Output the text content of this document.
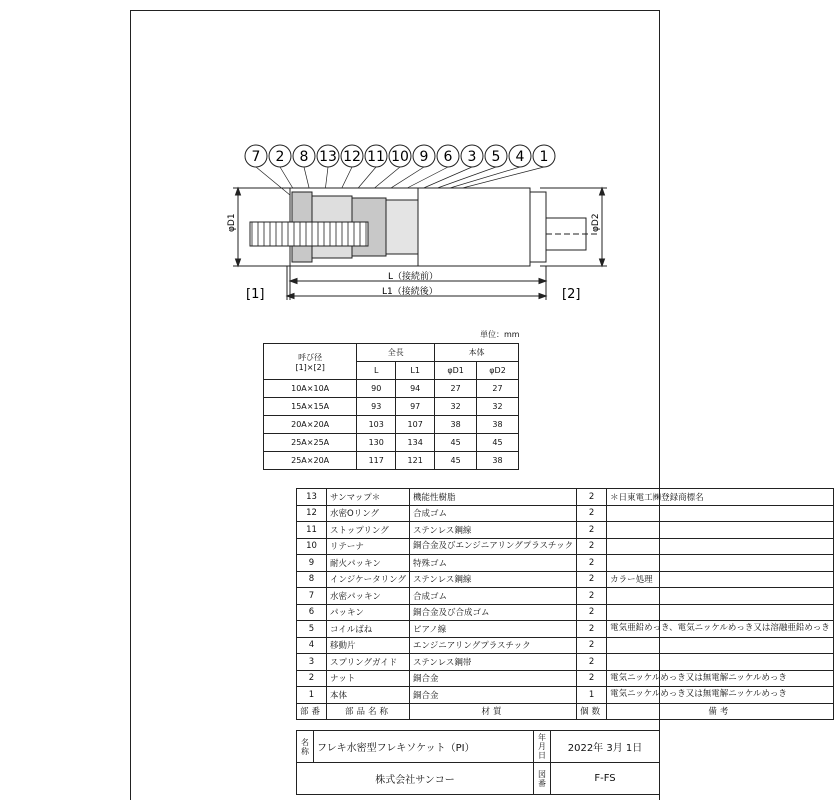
7 2 8 13 12 11 10 9 6 3 5 4 1
φD1	φD2
[1]	[2]
L（接続前）
L1（接続後）
単位：mm
呼び径
[1]×[2]	全長		本体	
	L	L1	φD1	φD2
10A×10A	90	94	27	27
15A×15A	93	97	32	32
20A×20A	103	107	38	38
25A×25A	130	134	45	45
25A×20A	117	121	45	38
13	サンマップ＊	機能性樹脂	2	＊日東電工㈱登録商標名
12	水密Oリング	合成ゴム	2	
11	ストップリング	ステンレス鋼線	2	
10	リテーナ	銅合金及びエンジニアリングプラスチック	2	
9	耐火パッキン	特殊ゴム	2	
8	インジケータリング	ステンレス鋼線	2	カラー処理
7	水密パッキン	合成ゴム	2	
6	パッキン	銅合金及び合成ゴム	2	
5	コイルばね	ピアノ線	2	電気亜鉛めっき、電気ニッケルめっき又は溶融亜鉛めっき
4	移動片	エンジニアリングプラスチック	2	
3	スプリングガイド	ステンレス鋼帯	2	
2	ナット	銅合金	2	電気ニッケルめっき又は無電解ニッケルめっき
1	本体	銅合金	1	電気ニッケルめっき又は無電解ニッケルめっき
部番	部品名称	材質	個数	備考
名称	フレキ水密型フレキソケット（PI）	年月日	2022年 3月 1日
株式会社サンコー		図番	F-FS
